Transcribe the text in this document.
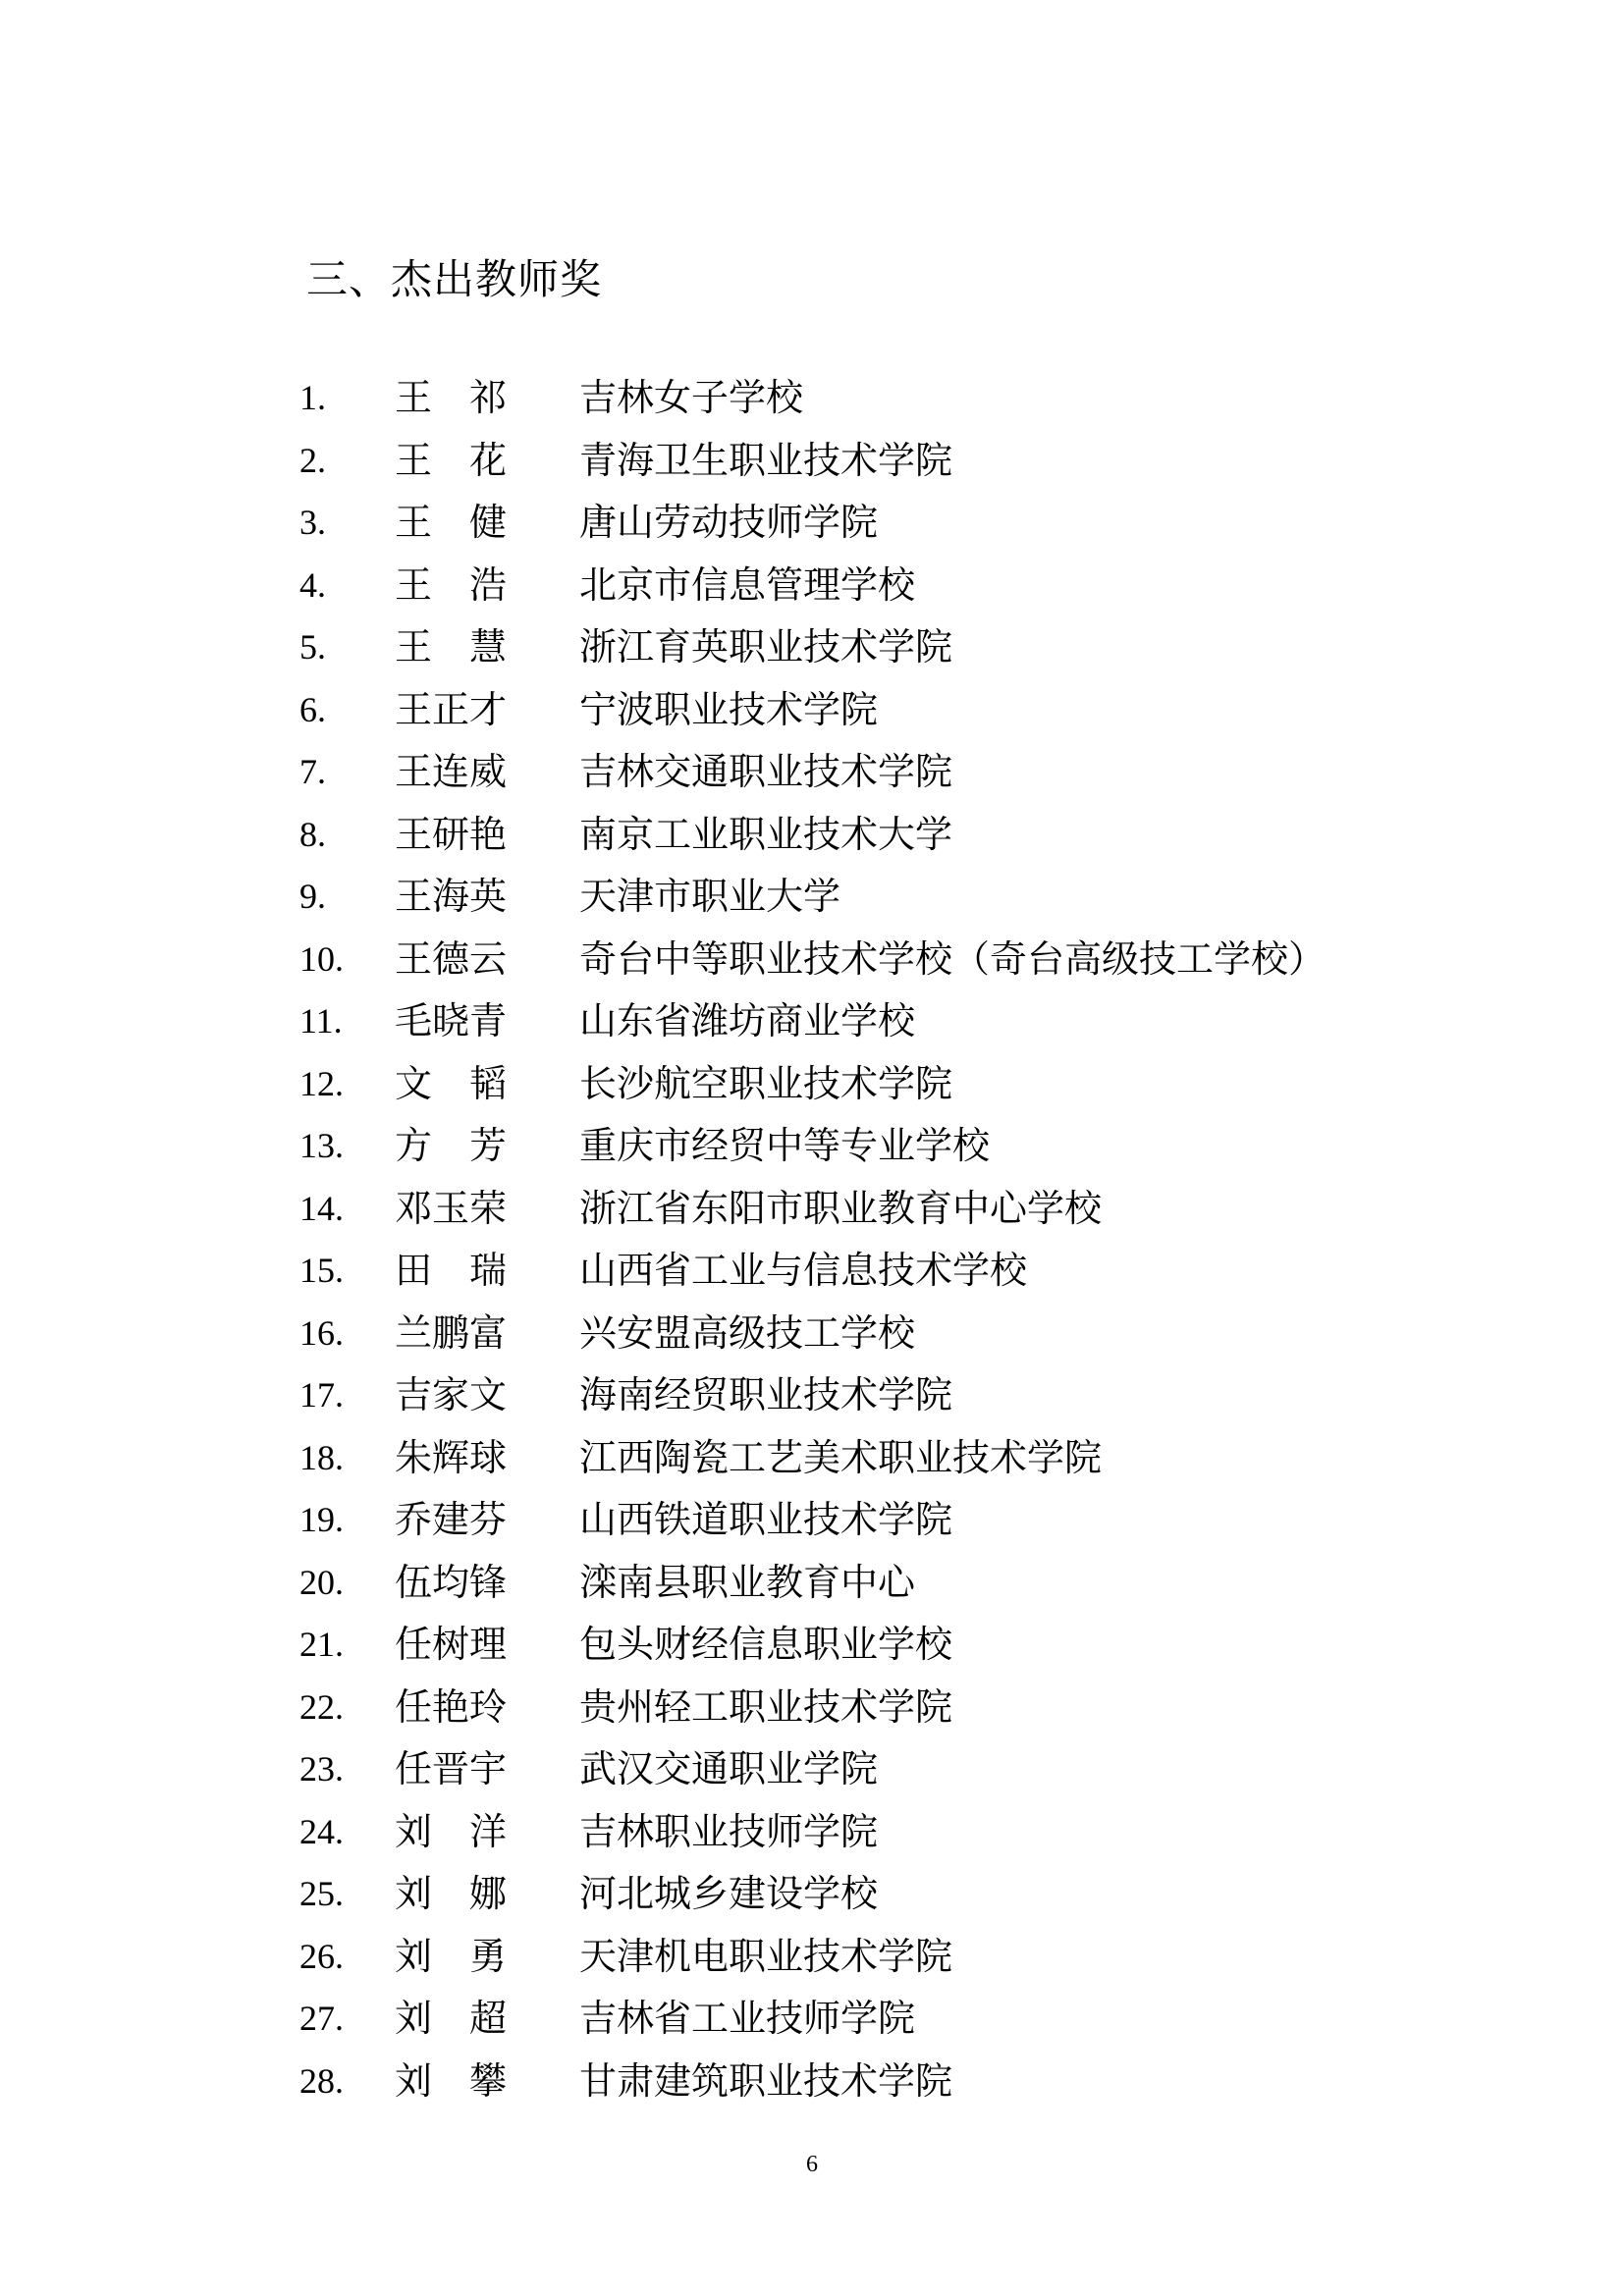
三、杰出教师奖
1. 王祁 吉林女子学校
2. 王花 青海卫生职业技术学院
3. 王健 唐山劳动技师学院
4. 王浩 北京市信息管理学校
5. 王慧 浙江育英职业技术学院
6. 王正才 宁波职业技术学院
7. 王连威 吉林交通职业技术学院
8. 王研艳 南京工业职业技术大学
9. 王海英 天津市职业大学
10. 王德云 奇台中等职业技术学校（奇台高级技工学校）
11. 毛晓青 山东省潍坊商业学校
12. 文韬 长沙航空职业技术学院
13. 方芳 重庆市经贸中等专业学校
14. 邓玉荣 浙江省东阳市职业教育中心学校
15. 田瑞 山西省工业与信息技术学校
16. 兰鹏富 兴安盟高级技工学校
17. 吉家文 海南经贸职业技术学院
18. 朱辉球 江西陶瓷工艺美术职业技术学院
19. 乔建芬 山西铁道职业技术学院
20. 伍均锋 滦南县职业教育中心
21. 任树理 包头财经信息职业学校
22. 任艳玲 贵州轻工职业技术学院
23. 任晋宇 武汉交通职业学院
24. 刘洋 吉林职业技师学院
25. 刘娜 河北城乡建设学校
26. 刘勇 天津机电职业技术学院
27. 刘超 吉林省工业技师学院
28. 刘攀 甘肃建筑职业技术学院
6
